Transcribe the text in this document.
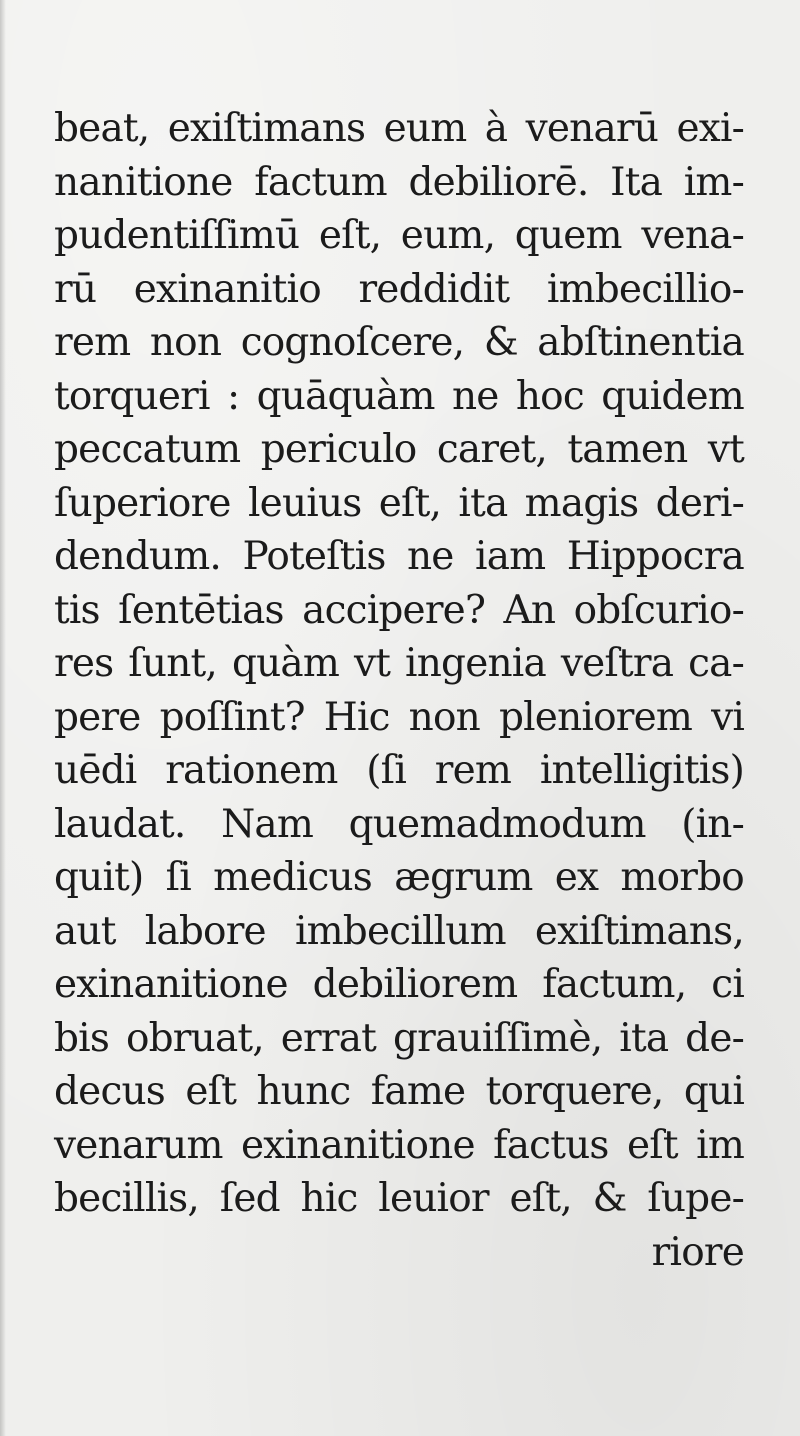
beat, exiſtimans eum à venarū exi-
nanitione factum debiliorē. Ita im-
pudentiſſimū eſt, eum, quem vena-
rū exinanitio reddidit imbecillio-
rem non cognoſcere, & abſtinentia
torqueri : quāquàm ne hoc quidem
peccatum periculo caret, tamen vt
ſuperiore leuius eſt, ita magis deri-
dendum. Poteſtis ne iam Hippocra
tis ſentētias accipere? An obſcurio-
res ſunt, quàm vt ingenia veſtra ca-
pere poſſint? Hic non pleniorem vi
uēdi rationem (ſi rem intelligitis)
laudat. Nam quemadmodum (in-
quit) ſi medicus ægrum ex morbo
aut labore imbecillum exiſtimans,
exinanitione debiliorem factum, ci
bis obruat, errat grauiſſimè, ita de-
decus eſt hunc fame torquere, qui
venarum exinanitione factus eſt im
becillis, ſed hic leuior eſt, & ſupe-
riore
